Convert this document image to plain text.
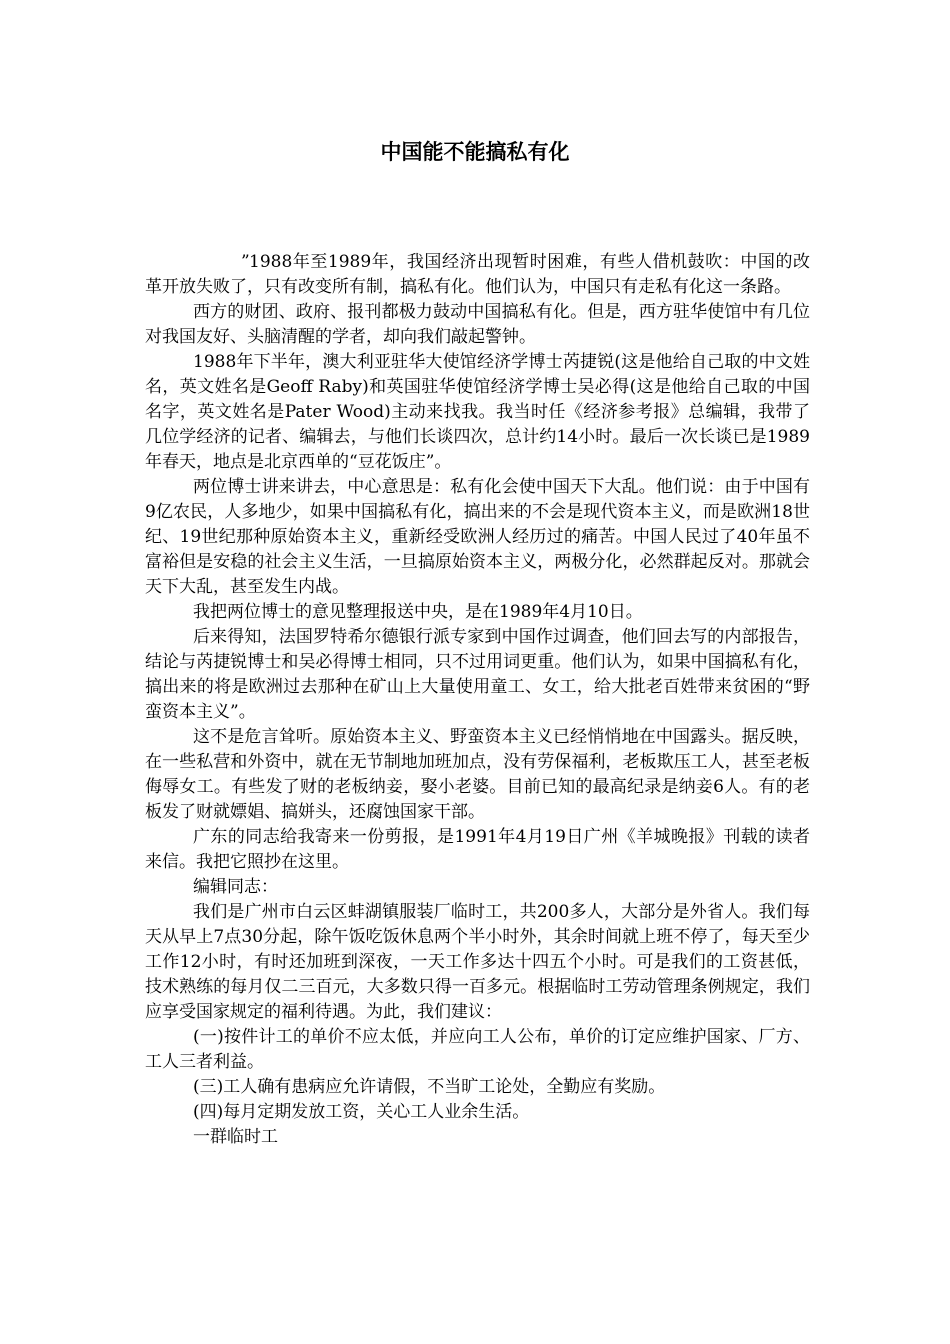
中国能不能搞私有化

”1988年至1989年，我国经济出现暂时困难，有些人借机鼓吹：中国的改革开放失败了，只有改变所有制，搞私有化。他们认为，中国只有走私有化这一条路。

西方的财团、政府、报刊都极力鼓动中国搞私有化。但是，西方驻华使馆中有几位对我国友好、头脑清醒的学者，却向我们敲起警钟。

1988年下半年，澳大利亚驻华大使馆经济学博士芮捷锐(这是他给自己取的中文姓名，英文姓名是Geoff Raby)和英国驻华使馆经济学博士吴必得(这是他给自己取的中国名字，英文姓名是Pater Wood)主动来找我。我当时任《经济参考报》总编辑，我带了几位学经济的记者、编辑去，与他们长谈四次，总计约14小时。最后一次长谈已是1989年春天，地点是北京西单的“豆花饭庄”。

两位博士讲来讲去，中心意思是：私有化会使中国天下大乱。他们说：由于中国有9亿农民，人多地少，如果中国搞私有化，搞出来的不会是现代资本主义，而是欧洲18世纪、19世纪那种原始资本主义，重新经受欧洲人经历过的痛苦。中国人民过了40年虽不富裕但是安稳的社会主义生活，一旦搞原始资本主义，两极分化，必然群起反对。那就会天下大乱，甚至发生内战。

我把两位博士的意见整理报送中央，是在1989年4月10日。

后来得知，法国罗特希尔德银行派专家到中国作过调查，他们回去写的内部报告，结论与芮捷锐博士和吴必得博士相同，只不过用词更重。他们认为，如果中国搞私有化，搞出来的将是欧洲过去那种在矿山上大量使用童工、女工，给大批老百姓带来贫困的“野蛮资本主义”。

这不是危言耸听。原始资本主义、野蛮资本主义已经悄悄地在中国露头。据反映，在一些私营和外资中，就在无节制地加班加点，没有劳保福利，老板欺压工人，甚至老板侮辱女工。有些发了财的老板纳妾，娶小老婆。目前已知的最高纪录是纳妾6人。有的老板发了财就嫖娼、搞姘头，还腐蚀国家干部。

广东的同志给我寄来一份剪报，是1991年4月19日广州《羊城晚报》刊载的读者来信。我把它照抄在这里。

编辑同志：

我们是广州市白云区蚌湖镇服装厂临时工，共200多人，大部分是外省人。我们每天从早上7点30分起，除午饭吃饭休息两个半小时外，其余时间就上班不停了，每天至少工作12小时，有时还加班到深夜，一天工作多达十四五个小时。可是我们的工资甚低，技术熟练的每月仅二三百元，大多数只得一百多元。根据临时工劳动管理条例规定，我们应享受国家规定的福利待遇。为此，我们建议：

(一)按件计工的单价不应太低，并应向工人公布，单价的订定应维护国家、厂方、工人三者利益。

(三)工人确有患病应允许请假，不当旷工论处，全勤应有奖励。

(四)每月定期发放工资，关心工人业余生活。

一群临时工
